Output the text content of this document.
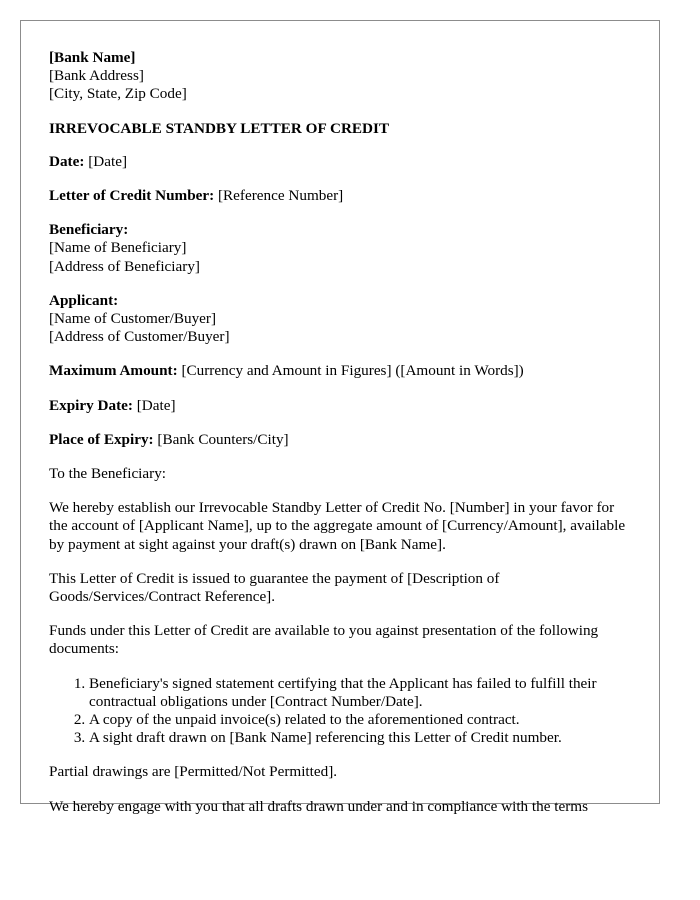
[Bank Name]
[Bank Address]
[City, State, Zip Code]
IRREVOCABLE STANDBY LETTER OF CREDIT
Date: [Date]
Letter of Credit Number: [Reference Number]
Beneficiary:
[Name of Beneficiary]
[Address of Beneficiary]
Applicant:
[Name of Customer/Buyer]
[Address of Customer/Buyer]
Maximum Amount: [Currency and Amount in Figures] ([Amount in Words])
Expiry Date: [Date]
Place of Expiry: [Bank Counters/City]

To the Beneficiary:

We hereby establish our Irrevocable Standby Letter of Credit No. [Number] in your favor for the account of [Applicant Name], up to the aggregate amount of [Currency/Amount], available by payment at sight against your draft(s) drawn on [Bank Name].

This Letter of Credit is issued to guarantee the payment of [Description of Goods/Services/Contract Reference].

Funds under this Letter of Credit are available to you against presentation of the following documents:

1. Beneficiary's signed statement certifying that the Applicant has failed to fulfill their contractual obligations under [Contract Number/Date].
2. A copy of the unpaid invoice(s) related to the aforementioned contract.
3. A sight draft drawn on [Bank Name] referencing this Letter of Credit number.

Partial drawings are [Permitted/Not Permitted].

We hereby engage with you that all drafts drawn under and in compliance with the terms
